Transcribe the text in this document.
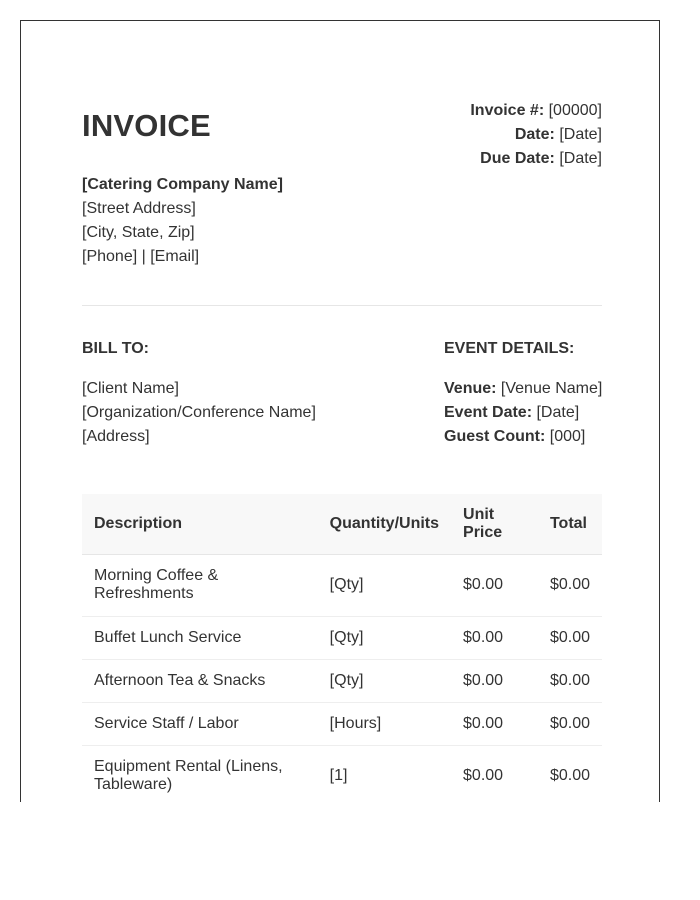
INVOICE	Invoice #: [00000]
Date: [Date]
Due Date: [Date]
[Catering Company Name]
[Street Address]
[City, State, Zip]
[Phone] | [Email]
BILL TO:
[Client Name]
[Organization/Conference Name]
[Address]
EVENT DETAILS:
Venue: [Venue Name]
Event Date: [Date]
Guest Count: [000]
Description	Quantity/Units	Unit Price	Total
Morning Coffee & Refreshments	[Qty]	$0.00	$0.00
Buffet Lunch Service	[Qty]	$0.00	$0.00
Afternoon Tea & Snacks	[Qty]	$0.00	$0.00
Service Staff / Labor	[Hours]	$0.00	$0.00
Equipment Rental (Linens, Tableware)	[1]	$0.00	$0.00
